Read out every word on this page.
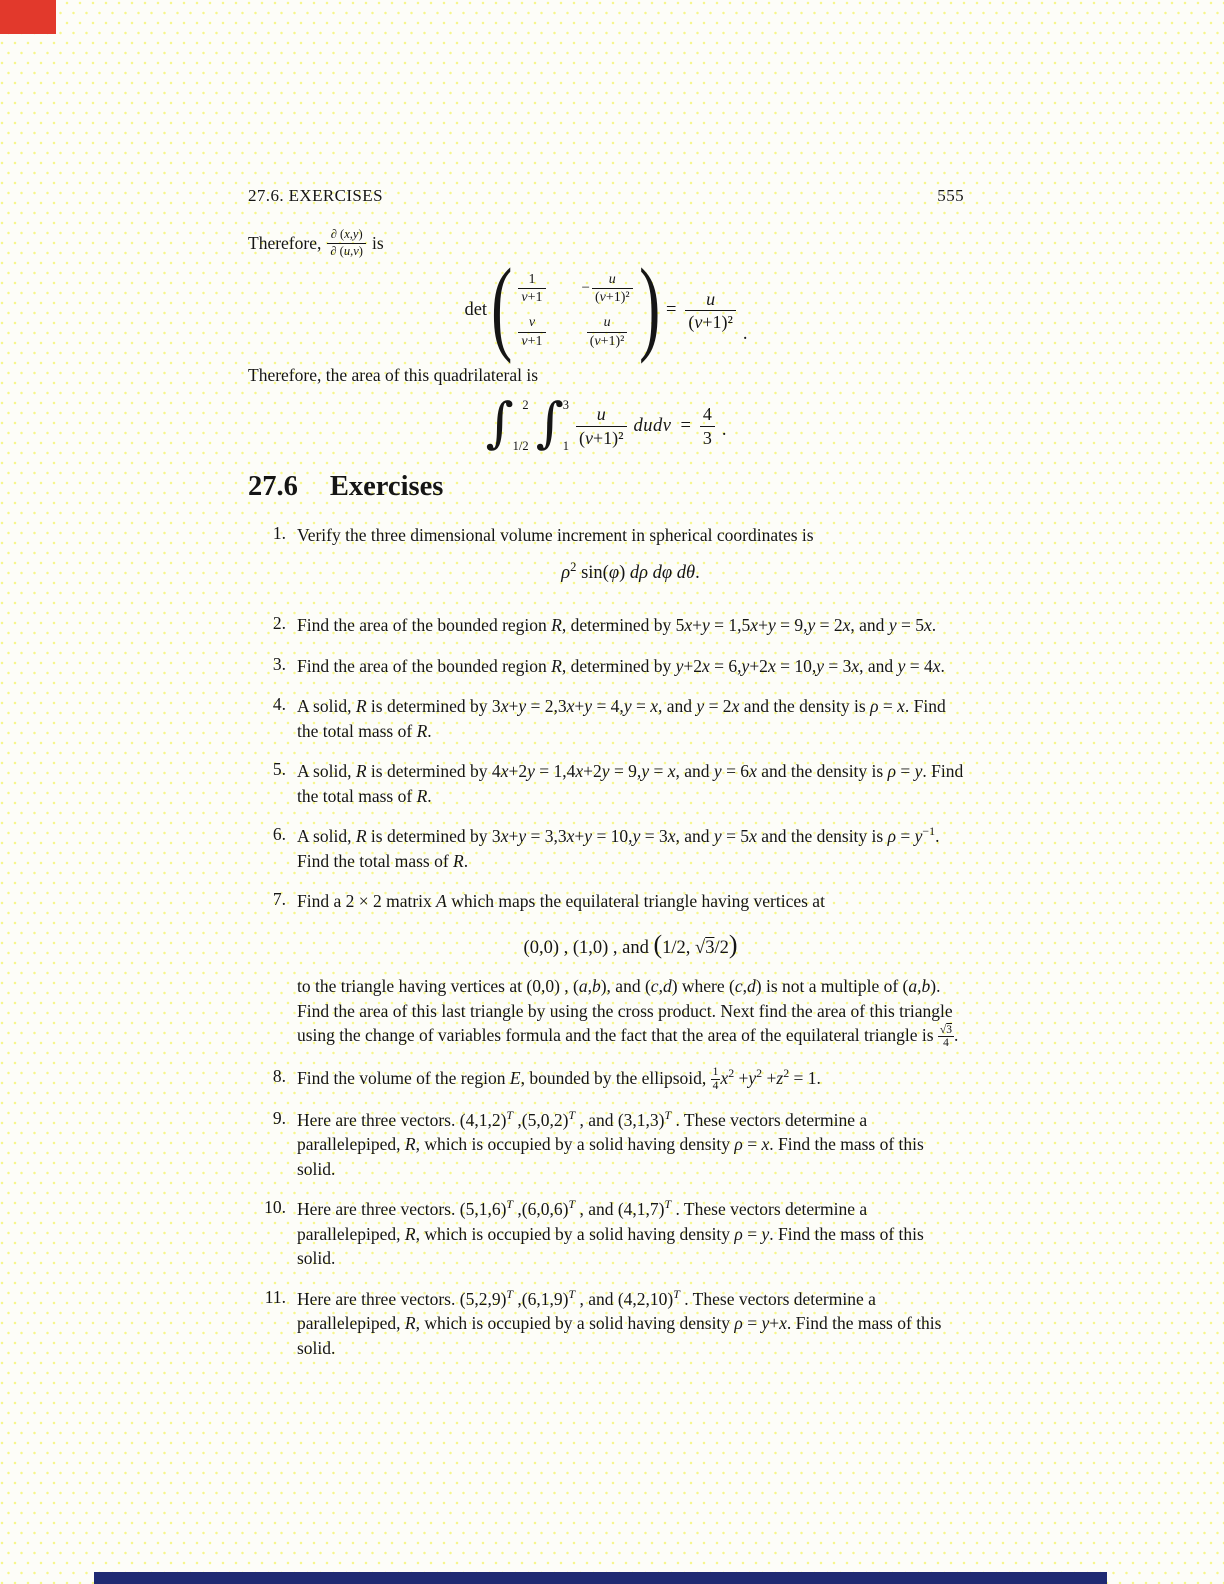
27.6. EXERCISES	555

Therefore, $\frac{\partial (x,y)}{\partial (u,v)}$ is

det ( $\frac{1}{v+1} - \frac{u}{\text{(v+1)²}}$
$\frac{v}{v+1}$	$\frac{u}{\text{(v+1)²}}$ ) = $\frac{u}{\text{(v+1)²}}$
.

Therefore, the area of this quadrilateral is

∫ 2
1/2 ∫ 3
$1 \frac{u}{\text{(v+1)²}}$ dudv = $\frac{4}{3}$ .
27.6 Exercises
1. Verify the three dimensional volume increment in spherical coordinates is
$\rho^2$ sin(φ) dρ dφ dθ.
2. Find the area of the bounded region R, determined by 5x+y = 1,5x+y = 9,y = 2x, and y = 5x.
3. Find the area of the bounded region R, determined by y+2x = 6,y+2x = 10,y = 3x, and y = 4x.
4. A solid, R is determined by 3x+y = 2,3x+y = 4,y = x, and y = 2x and the density is ρ = x. Find the total mass of R.
5. A solid, R is determined by 4x+2y = 1,4x+2y = 9,y = x, and y = 6x and the density is ρ = y. Find the total mass of R.
6. A solid, R is determined by 3x+y = 3,3x+y = 10,y = 3x, and y = 5x and the density is $\rho = y^{-1}$. Find the total mass of R.
7. Find a 2 × 2 matrix A which maps the equilateral triangle having vertices at
(0,0) , (1,0) , and (1/2, √3/2)
to the triangle having vertices at (0,0) , (a,b), and (c,d) where (c,d) is not a multiple of (a,b). Find the area of this last triangle by using the cross product. Next find the area of this triangle using the change of variables formula and the fact that the area of the equilateral triangle is $\frac{√3}{4}$ .
8. Find the volume of the region E, bounded by the ellipsoid, $\frac{1}{4} x^2 +y^2 +z^2 = 1$.
9. Here are three vectors. $(4,1,2)^T$ $,(5,0,2)^T$ , and $(3,1,3)^T$ . These vectors determine a parallelepiped, R, which is occupied by a solid having density ρ = x. Find the mass of this solid.
10. Here are three vectors. $(5,1,6)^T$ $,(6,0,6)^T$ , and $(4,1,7)^T$ . These vectors determine a parallelepiped, R, which is occupied by a solid having density ρ = y. Find the mass of this solid.
11. Here are three vectors. $(5,2,9)^T$ $,(6,1,9)^T$ , and $(4,2,10)^T$ . These vectors determine a parallelepiped, R, which is occupied by a solid having density ρ = y+x. Find the mass of this solid.
